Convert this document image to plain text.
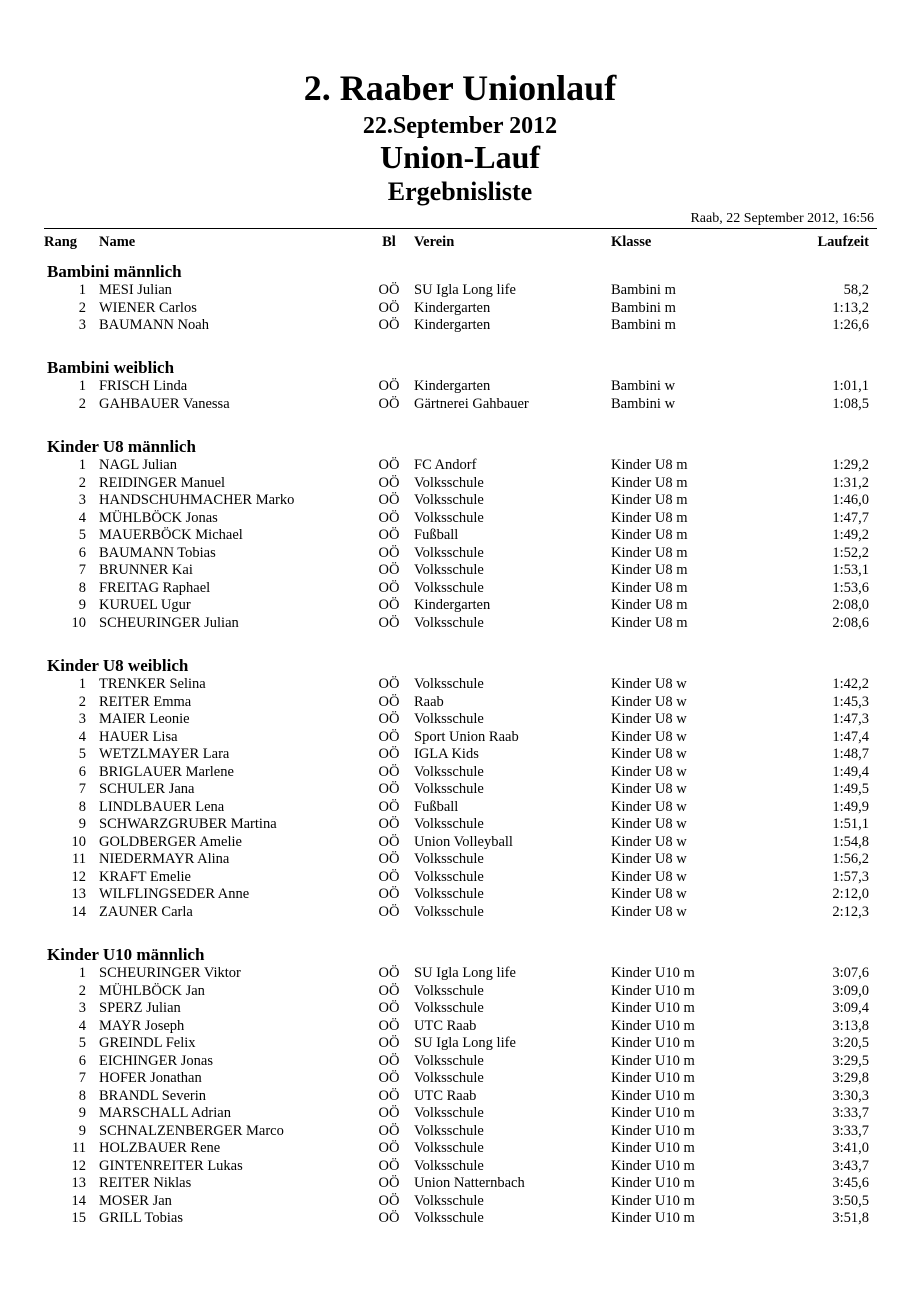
2. Raaber Unionlauf
22.September 2012
Union-Lauf
Ergebnisliste
Raab, 22 September 2012, 16:56
Rang Name	Bl Verein	Klasse	Laufzeit
Bambini männlich
1 MESI Julian	OÖ SU Igla Long life	Bambini m	58,2
2 WIENER Carlos	OÖ Kindergarten	Bambini m	1:13,2
3 BAUMANN Noah	OÖ Kindergarten	Bambini m	1:26,6
Bambini weiblich
1 FRISCH Linda	OÖ Kindergarten	Bambini w	1:01,1
2 GAHBAUER Vanessa	OÖ Gärtnerei Gahbauer	Bambini w	1:08,5
Kinder U8 männlich
1 NAGL Julian	OÖ FC Andorf	Kinder U8 m	1:29,2
2 REIDINGER Manuel	OÖ Volksschule	Kinder U8 m	1:31,2
3 HANDSCHUHMACHER Marko	OÖ Volksschule	Kinder U8 m	1:46,0
4 MÜHLBÖCK Jonas	OÖ Volksschule	Kinder U8 m	1:47,7
5 MAUERBÖCK Michael	OÖ Fußball	Kinder U8 m	1:49,2
6 BAUMANN Tobias	OÖ Volksschule	Kinder U8 m	1:52,2
7 BRUNNER Kai	OÖ Volksschule	Kinder U8 m	1:53,1
8 FREITAG Raphael	OÖ Volksschule	Kinder U8 m	1:53,6
9 KURUEL Ugur	OÖ Kindergarten	Kinder U8 m	2:08,0
10 SCHEURINGER Julian	OÖ Volksschule	Kinder U8 m	2:08,6
Kinder U8 weiblich
1 TRENKER Selina	OÖ Volksschule	Kinder U8 w	1:42,2
2 REITER Emma	OÖ Raab	Kinder U8 w	1:45,3
3 MAIER Leonie	OÖ Volksschule	Kinder U8 w	1:47,3
4 HAUER Lisa	OÖ Sport Union Raab	Kinder U8 w	1:47,4
5 WETZLMAYER Lara	OÖ IGLA Kids	Kinder U8 w	1:48,7
6 BRIGLAUER Marlene	OÖ Volksschule	Kinder U8 w	1:49,4
7 SCHULER Jana	OÖ Volksschule	Kinder U8 w	1:49,5
8 LINDLBAUER Lena	OÖ Fußball	Kinder U8 w	1:49,9
9 SCHWARZGRUBER Martina	OÖ Volksschule	Kinder U8 w	1:51,1
10 GOLDBERGER Amelie	OÖ Union Volleyball	Kinder U8 w	1:54,8
11 NIEDERMAYR Alina	OÖ Volksschule	Kinder U8 w	1:56,2
12 KRAFT Emelie	OÖ Volksschule	Kinder U8 w	1:57,3
13 WILFLINGSEDER Anne	OÖ Volksschule	Kinder U8 w	2:12,0
14 ZAUNER Carla	OÖ Volksschule	Kinder U8 w	2:12,3
Kinder U10 männlich
1 SCHEURINGER Viktor	OÖ SU Igla Long life	Kinder U10 m	3:07,6
2 MÜHLBÖCK Jan	OÖ Volksschule	Kinder U10 m	3:09,0
3 SPERZ Julian	OÖ Volksschule	Kinder U10 m	3:09,4
4 MAYR Joseph	OÖ UTC Raab	Kinder U10 m	3:13,8
5 GREINDL Felix	OÖ SU Igla Long life	Kinder U10 m	3:20,5
6 EICHINGER Jonas	OÖ Volksschule	Kinder U10 m	3:29,5
7 HOFER Jonathan	OÖ Volksschule	Kinder U10 m	3:29,8
8 BRANDL Severin	OÖ UTC Raab	Kinder U10 m	3:30,3
9 MARSCHALL Adrian	OÖ Volksschule	Kinder U10 m	3:33,7
9 SCHNALZENBERGER Marco	OÖ Volksschule	Kinder U10 m	3:33,7
11 HOLZBAUER Rene	OÖ Volksschule	Kinder U10 m	3:41,0
12 GINTENREITER Lukas	OÖ Volksschule	Kinder U10 m	3:43,7
13 REITER Niklas	OÖ Union Natternbach	Kinder U10 m	3:45,6
14 MOSER Jan	OÖ Volksschule	Kinder U10 m	3:50,5
15 GRILL Tobias	OÖ Volksschule	Kinder U10 m	3:51,8
